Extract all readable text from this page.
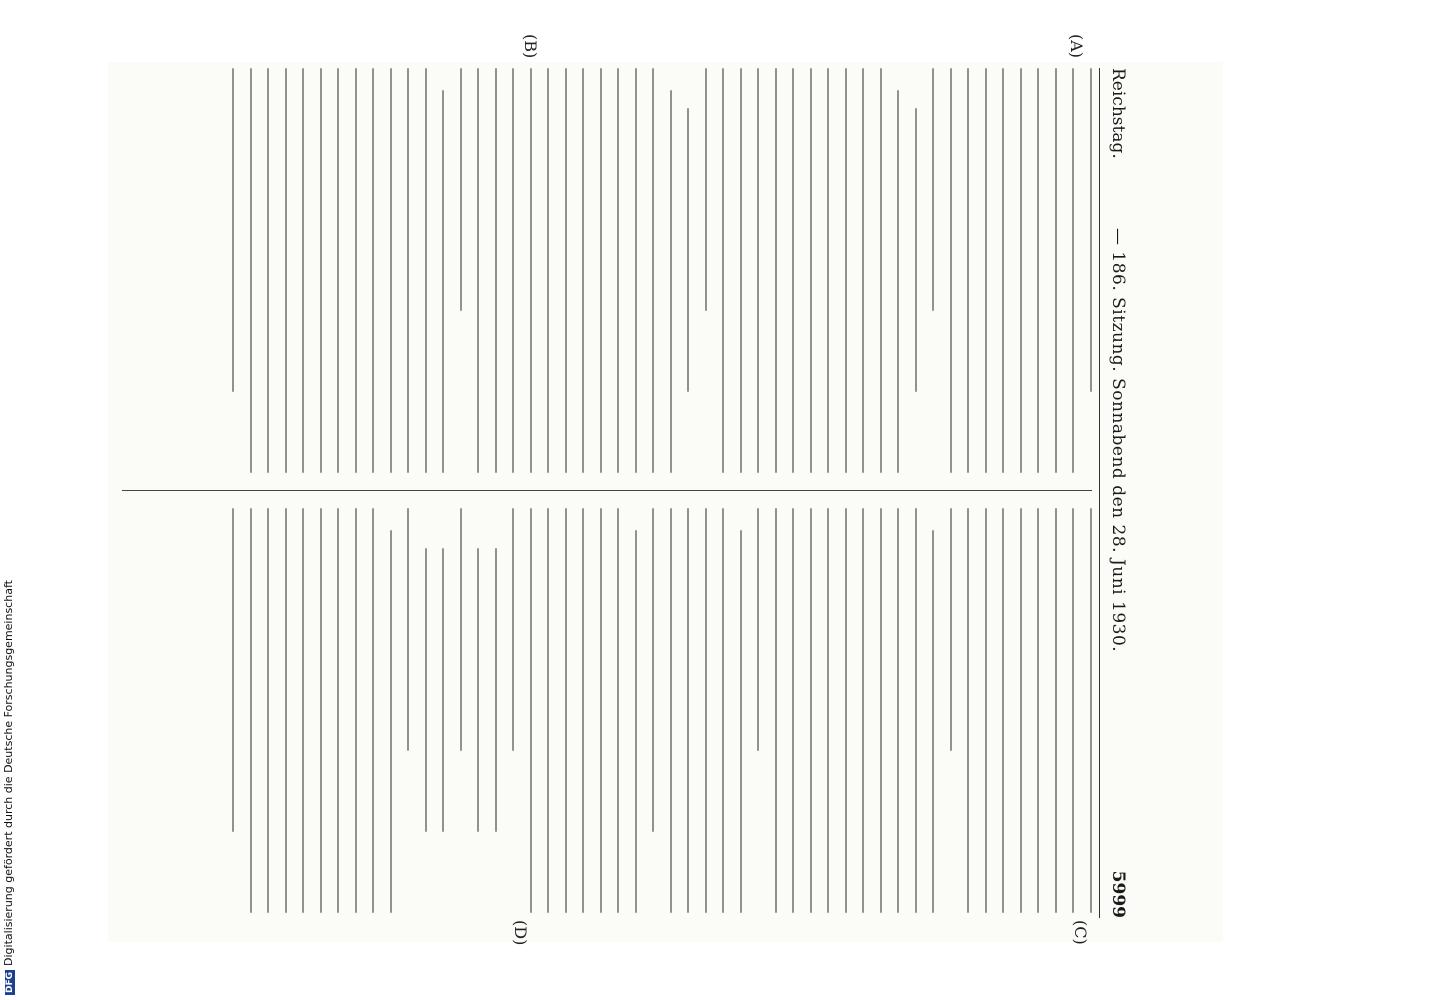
Reichstag.
— 186. Sitzung. Sonnabend den 28. Juni 1930.
5999
(A)
(B)
(C)
(D)
DFGDigitalisierung gefördert durch die Deutsche Forschungsgemeinschaft
